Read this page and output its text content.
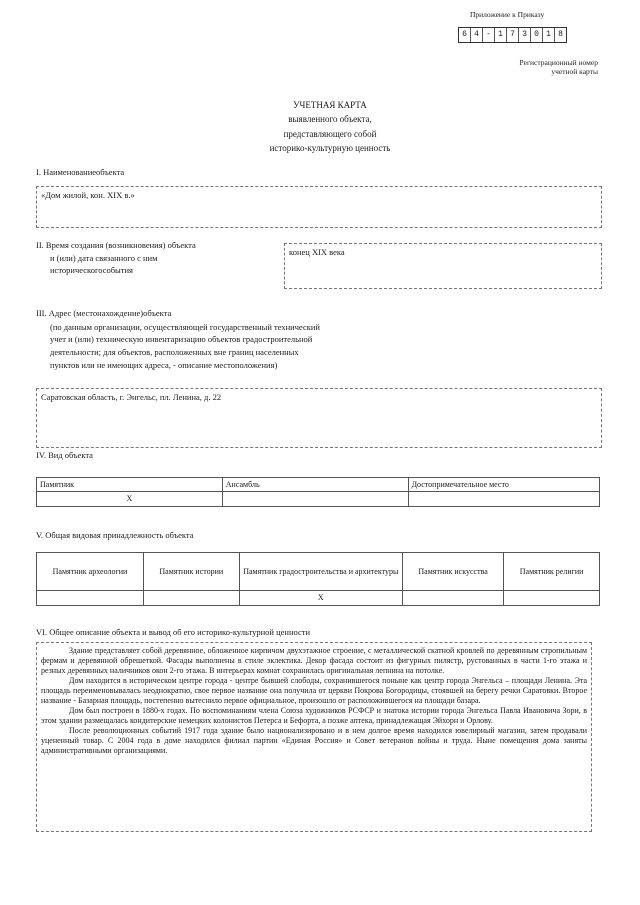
Приложение к Приказу
6 4 - 1 7 3 0 1 8
Регистрационный номер
учетной карты
УЧЕТНАЯ КАРТА
выявленного объекта,
представляющего собой
историко-культурную ценность
I. Наименованиеобъекта
«Дом жилой, кон. XIX в.»
II. Время создания (возникновения) объекта
и (или) дата связанного с ним
историческогособытия
конец XIX века
III. Адрес (местонахождение)объекта
(по данным организации, осуществляющей государственный технический
учет и (или) техническую инвентаризацию объектов градостроительной
деятельности; для объектов, расположенных вне границ населенных
пунктов или не имеющих адреса, - описание местоположения)
Саратовская область, г. Энгельс, пл. Ленина, д. 22
IV. Вид объекта
Памятник	Ансамбль	Достопримечательное место
X		
V. Общая видовая принадлежность объекта
Памятник археологии	Памятник истории	Памятник градостроительства и архитектуры	Памятник искусства	Памятник религии
		X		
VI. Общее описание объекта и вывод об его историко-культурной ценности

Здание представляет собой деревянное, обложенное кирпичом двухэтажное строение, с металлической скатной кровлей по деревянным стропильным фермам и деревянной обрешеткой. Фасады выполнены в стиле эклектика. Декор фасада состоит из фигурных пилястр, рустованных в части 1-го этажа и резных деревянных наличников окон 2-го этажа. В интерьерах комнат сохранилась оригинальная лепнина на потолке.

Дом находится в историческом центре города - центре бывшей слободы, сохранившегося поныне как центр города Энгельса – площади Ленина. Эта площадь переименовывалась неоднократно, свое первое название она получила от церкви Покрова Богородицы, стоявшей на берегу речки Саратовки. Второе название - Базарная площадь, постепенно вытеснило первое официальное, произошло от расположившегося на площади базара.

Дом был построен в 1880-х годах. По воспоминаниям члена Союза художников РСФСР и знатока истории города Энгельса Павла Ивановича Зори, в этом здании размещалась кондитерские немецких колонистов Петерса и Бефорта, а позже аптека, принадлежащая Эйхорн и Орлову.

После революционных событий 1917 года здание было национализировано и в нем долгое время находился ювелирный магазин, затем продавали уцененный товар. С 2004 года в доме находился филиал партии «Единая Россия» и Совет ветеранов войны и труда. Ныне помещения дома заняты административными организациями.
